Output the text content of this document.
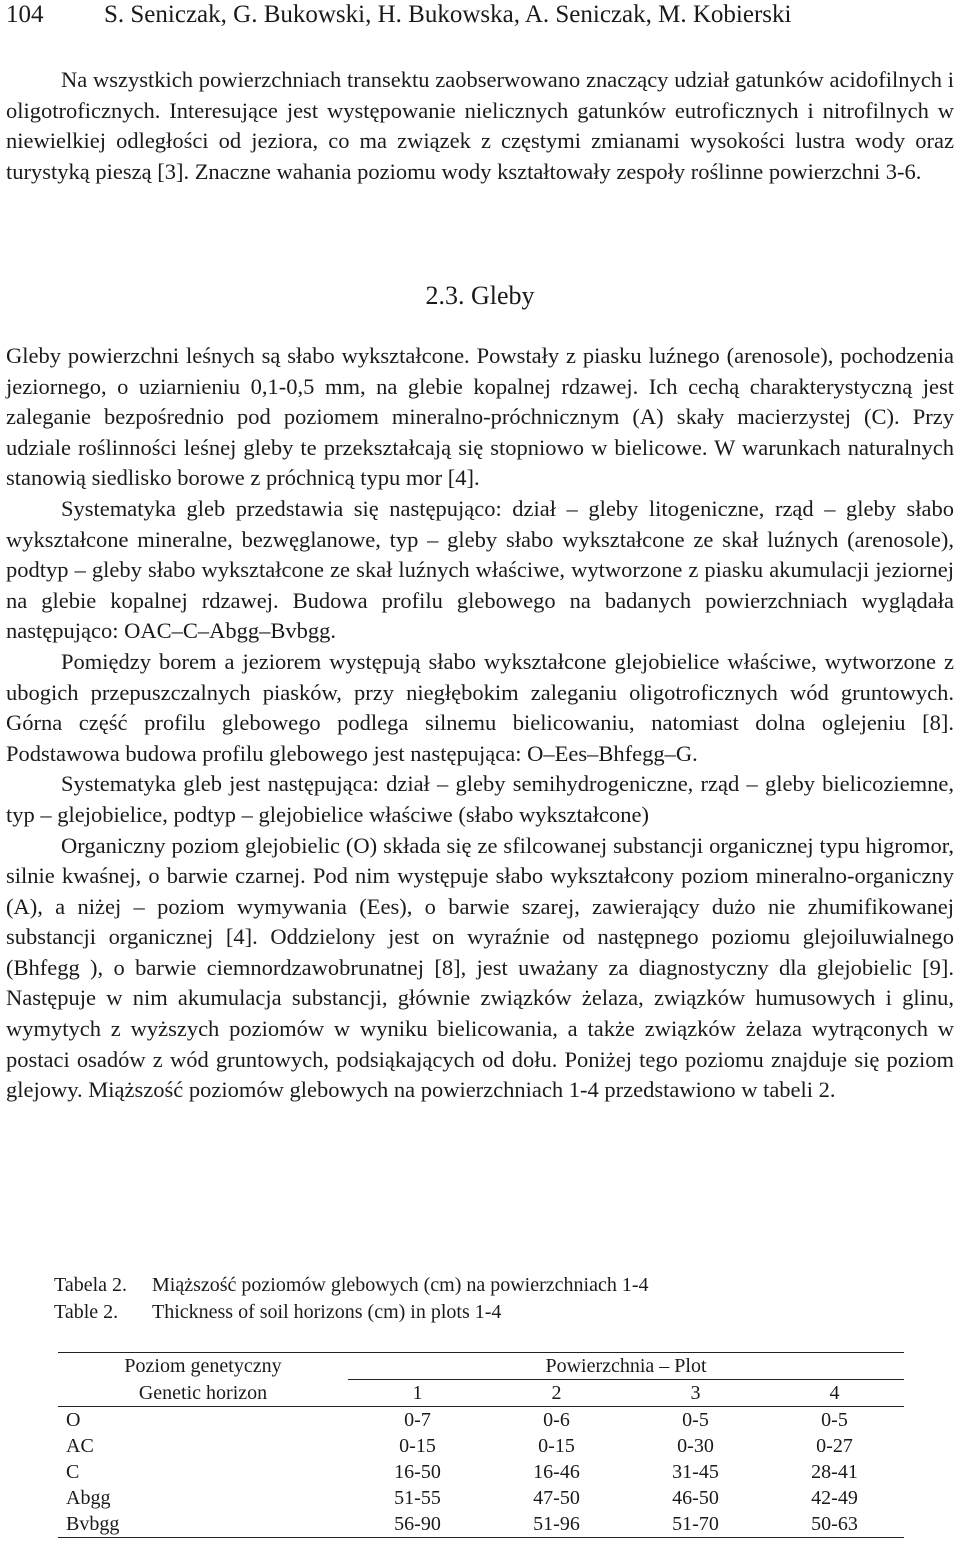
104 S. Seniczak, G. Bukowski, H. Bukowska, A. Seniczak, M. Kobierski

Na wszystkich powierzchniach transektu zaobserwowano znaczący udział gatunków acidofilnych i oligotroficznych. Interesujące jest występowanie nielicznych gatunków eutroficznych i nitrofilnych w niewielkiej odległości od jeziora, co ma związek z częstymi zmianami wysokości lustra wody oraz turystyką pieszą [3]. Znaczne wahania poziomu wody kształtowały zespoły roślinne powierzchni 3-6.

2.3. Gleby

Gleby powierzchni leśnych są słabo wykształcone. Powstały z piasku luźnego (arenosole), pochodzenia jeziornego, o uziarnieniu 0,1-0,5 mm, na glebie kopalnej rdzawej. Ich cechą charakterystyczną jest zaleganie bezpośrednio pod poziomem mineralno-próchnicznym (A) skały macierzystej (C). Przy udziale roślinności leśnej gleby te przekształcają się stopniowo w bielicowe. W warunkach naturalnych stanowią siedlisko borowe z próchnicą typu mor [4].

Systematyka gleb przedstawia się następująco: dział – gleby litogeniczne, rząd – gleby słabo wykształcone mineralne, bezwęglanowe, typ – gleby słabo wykształcone ze skał luźnych (arenosole), podtyp – gleby słabo wykształcone ze skał luźnych właściwe, wytworzone z piasku akumulacji jeziornej na glebie kopalnej rdzawej. Budowa profilu glebowego na badanych powierzchniach wyglądała następująco: OAC–C–Abgg–Bvbgg.

Pomiędzy borem a jeziorem występują słabo wykształcone glejobielice właściwe, wytworzone z ubogich przepuszczalnych piasków, przy niegłębokim zaleganiu oligotroficznych wód gruntowych. Górna część profilu glebowego podlega silnemu bielicowaniu, natomiast dolna oglejeniu [8]. Podstawowa budowa profilu glebowego jest następująca: O–Ees–Bhfegg–G.

Systematyka gleb jest następująca: dział – gleby semihydrogeniczne, rząd – gleby bielicoziemne, typ – glejobielice, podtyp – glejobielice właściwe (słabo wykształcone)

Organiczny poziom glejobielic (O) składa się ze sfilcowanej substancji organicznej typu higromor, silnie kwaśnej, o barwie czarnej. Pod nim występuje słabo wykształcony poziom mineralno-organiczny (A), a niżej – poziom wymywania (Ees), o barwie szarej, zawierający dużo nie zhumifikowanej substancji organicznej [4]. Oddzielony jest on wyraźnie od następnego poziomu glejoiluwialnego (Bhfegg ), o barwie ciemnordzawobrunatnej [8], jest uważany za diagnostyczny dla glejobielic [9]. Następuje w nim akumulacja substancji, głównie związków żelaza, związków humusowych i glinu, wymytych z wyższych poziomów w wyniku bielicowania, a także związków żelaza wytrąconych w postaci osadów z wód gruntowych, podsiąkających od dołu. Poniżej tego poziomu znajduje się poziom glejowy. Miąższość poziomów glebowych na powierzchniach 1-4 przedstawiono w tabeli 2.

Tabela 2. Miąższość poziomów glebowych (cm) na powierzchniach 1-4
Table 2. Thickness of soil horizons (cm) in plots 1-4
Poziom genetyczny	Powierzchnia – Plot			
Genetic horizon	1	2	3	4
O	0-7	0-6	0-5	0-5
AC	0-15	0-15	0-30	0-27
C	16-50	16-46	31-45	28-41
Abgg	51-55	47-50	46-50	42-49
Bvbgg	56-90	51-96	51-70	50-63
